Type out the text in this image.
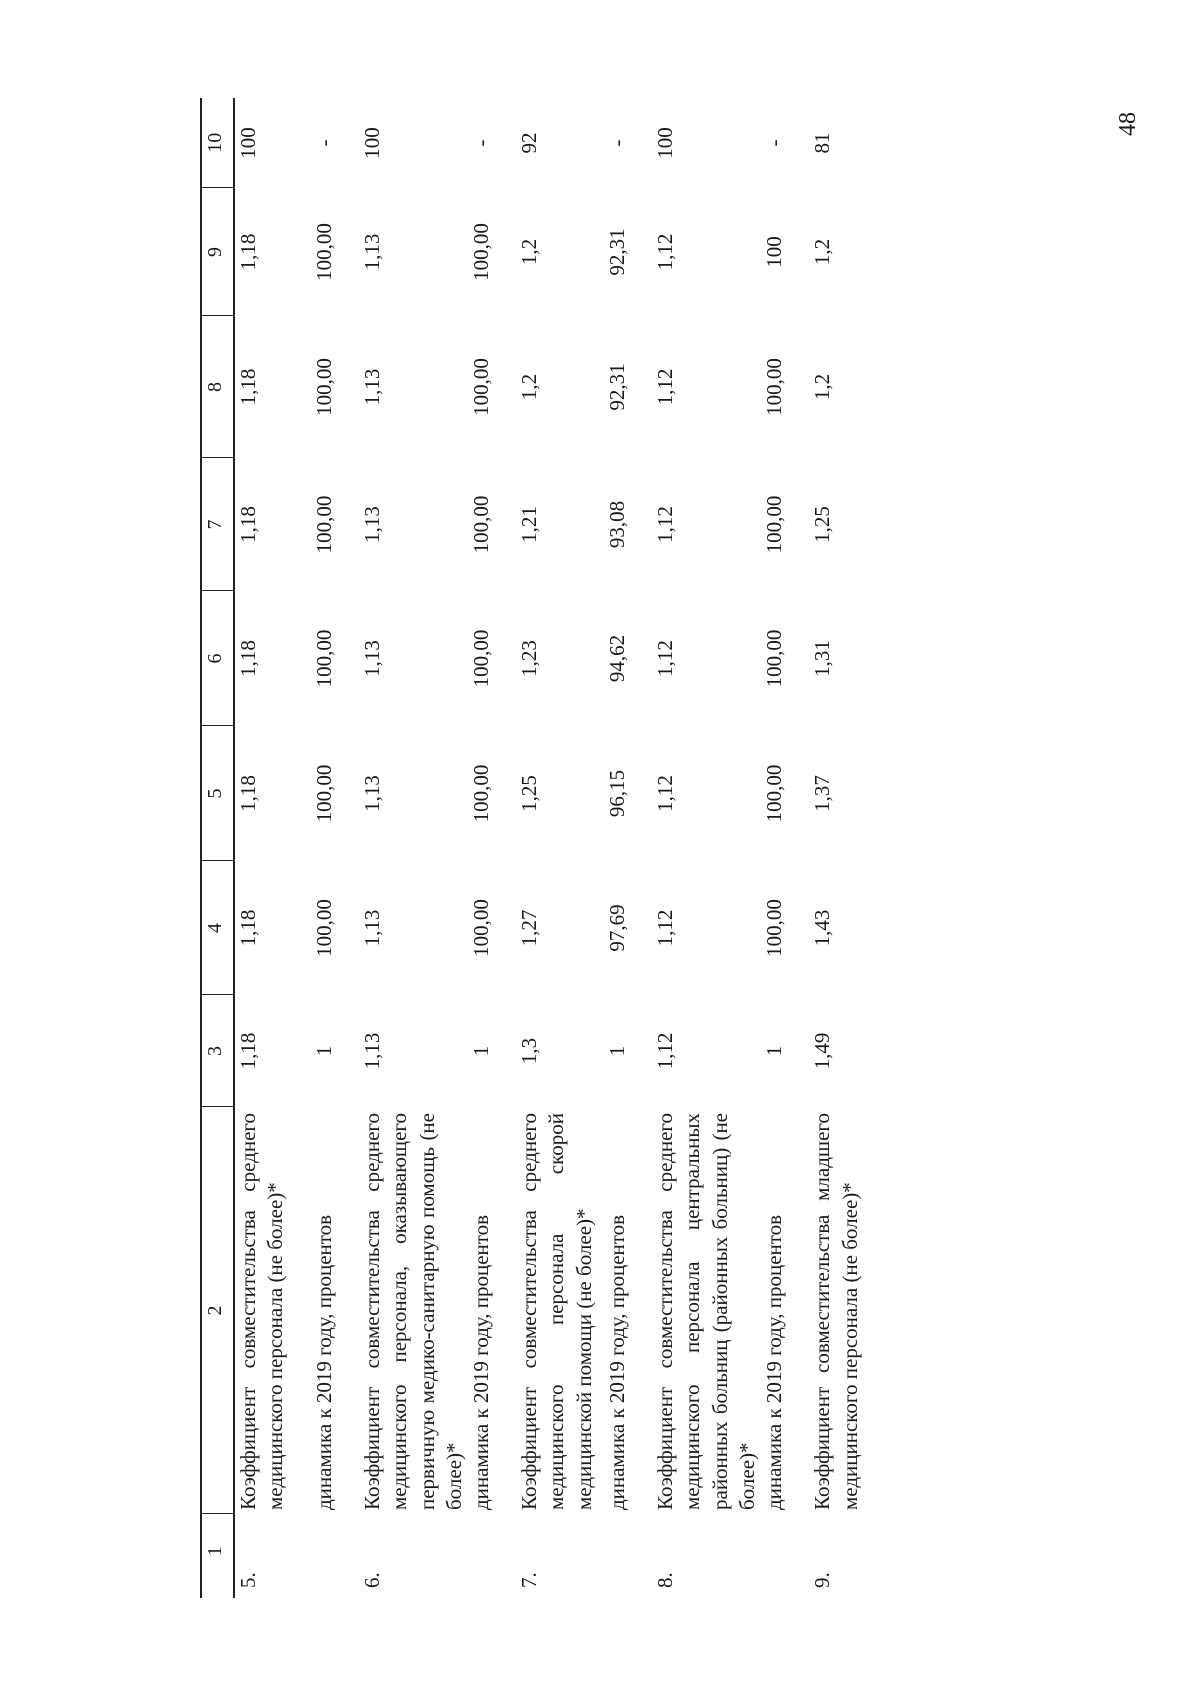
48
1	2	3	4	5	6	7	8	9	10
5.	Коэффициент совместительства среднего медицинского персонала (не более)*	1,18	1,18	1,18	1,18	1,18	1,18	1,18	100
	динамика к 2019 году, процентов	1	100,00	100,00	100,00	100,00	100,00	100,00	-
6.	Коэффициент совместительства среднего медицинского персонала, оказывающего первичную медико-санитарную помощь (не более)*	1,13	1,13	1,13	1,13	1,13	1,13	1,13	100
	динамика к 2019 году, процентов	1	100,00	100,00	100,00	100,00	100,00	100,00	-
7.	Коэффициент совместительства среднего медицинского персонала скорой медицинской помощи (не более)*	1,3	1,27	1,25	1,23	1,21	1,2	1,2	92
	динамика к 2019 году, процентов	1	97,69	96,15	94,62	93,08	92,31	92,31	-
8.	Коэффициент совместительства среднего медицинского персонала центральных районных больниц (районных больниц) (не более)*	1,12	1,12	1,12	1,12	1,12	1,12	1,12	100
	динамика к 2019 году, процентов	1	100,00	100,00	100,00	100,00	100,00	100	-
9.	Коэффициент совместительства младшего медицинского персонала (не более)*	1,49	1,43	1,37	1,31	1,25	1,2	1,2	81
